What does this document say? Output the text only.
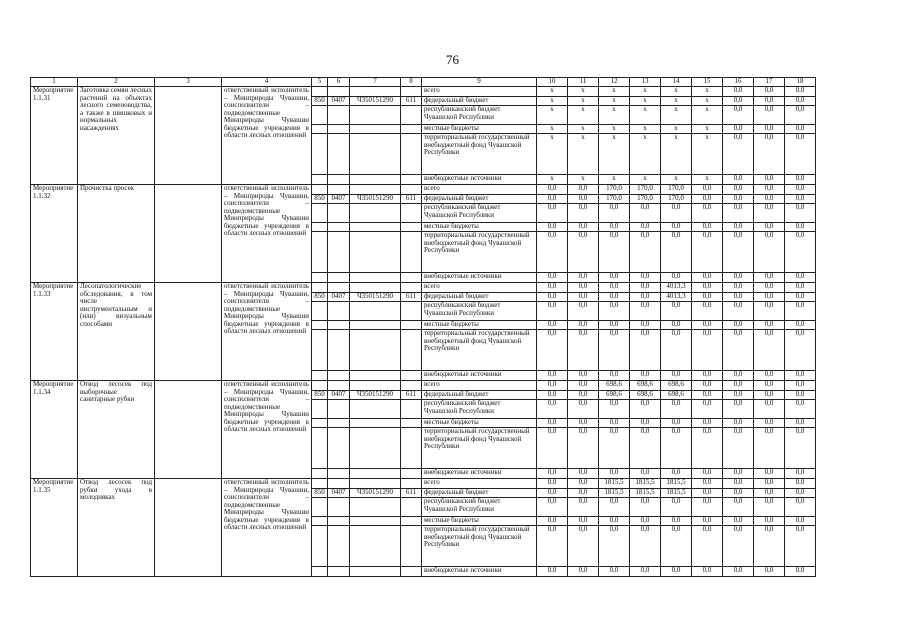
76
1	2	3	4	5	6	7	8	9	10	11	12	13	14	15	16	17	18
Мероприятие 1.1.31	Заготовка семян лесных растений на объектах лесного семеноводства, а также в шишковых и нормальных насаждениях		ответственный исполнитель – Минприроды Чувашии, соисполнители – подведомственные Минприроды Чувашии бюджетные учреждения в области лесных отношений					всего	х	х	х	х	х	х	0,0	0,0	0,0
				850	0407	Ч350151290	611	федеральный бюджет	х	х	х	х	х	х	0,0	0,0	0,0
								республиканский бюджет Чувашской Республики	х	х	х	х	х	х	0,0	0,0	0,0
								местные бюджеты	х	х	х	х	х	х	0,0	0,0	0,0
								территориальный государственный внебюджетный фонд Чувашской Республики	х	х	х	х	х	х	0,0	0,0	0,0
								внебюджетные источники	х	х	х	х	х	х	0,0	0,0	0,0
Мероприятие 1.1.32	Прочистка просек		ответственный исполнитель – Минприроды Чувашии, соисполнители – подведомственные Минприроды Чувашии бюджетные учреждения в области лесных отношений					всего	0,0	0,0	170,0	170,0	170,0	0,0	0,0	0,0	0,0
				850	0407	Ч350151290	611	федеральный бюджет	0,0	0,0	170,0	170,0	170,0	0,0	0,0	0,0	0,0
								республиканский бюджет Чувашской Республики	0,0	0,0	0,0	0,0	0,0	0,0	0,0	0,0	0,0
								местные бюджеты	0,0	0,0	0,0	0,0	0,0	0,0	0,0	0,0	0,0
								территориальный государственный внебюджетный фонд Чувашской Республики	0,0	0,0	0,0	0,0	0,0	0,0	0,0	0,0	0,0
								внебюджетные источники	0,0	0,0	0,0	0,0	0,0	0,0	0,0	0,0	0,0
Мероприятие 1.1.33	Лесопатологические обследования, в том числе инструментальным и (или) визуальным способами		ответственный исполнитель – Минприроды Чувашии, соисполнители – подведомственные Минприроды Чувашии бюджетные учреждения в области лесных отношений					всего	0,0	0,0	0,0	0,0	4013,3	0,0	0,0	0,0	0,0
				850	0407	Ч350151290	611	федеральный бюджет	0,0	0,0	0,0	0,0	4013,3	0,0	0,0	0,0	0,0
								республиканский бюджет Чувашской Республики	0,0	0,0	0,0	0,0	0,0	0,0	0,0	0,0	0,0
								местные бюджеты	0,0	0,0	0,0	0,0	0,0	0,0	0,0	0,0	0,0
								территориальный государственный внебюджетный фонд Чувашской Республики	0,0	0,0	0,0	0,0	0,0	0,0	0,0	0,0	0,0
								внебюджетные источники	0,0	0,0	0,0	0,0	0,0	0,0	0,0	0,0	0,0
Мероприятие 1.1.34	Отвод лесосек под выборочные санитарные рубки		ответственный исполнитель – Минприроды Чувашии, соисполнители – подведомственные Минприроды Чувашии бюджетные учреждения в области лесных отношений					всего	0,0	0,0	698,6	698,6	698,6	0,0	0,0	0,0	0,0
				850	0407	Ч350151290	611	федеральный бюджет	0,0	0,0	698,6	698,6	698,6	0,0	0,0	0,0	0,0
								республиканский бюджет Чувашской Республики	0,0	0,0	0,0	0,0	0,0	0,0	0,0	0,0	0,0
								местные бюджеты	0,0	0,0	0,0	0,0	0,0	0,0	0,0	0,0	0,0
								территориальный государственный внебюджетный фонд Чувашской Республики	0,0	0,0	0,0	0,0	0,0	0,0	0,0	0,0	0,0
								внебюджетные источники	0,0	0,0	0,0	0,0	0,0	0,0	0,0	0,0	0,0
Мероприятие 1.1.35	Отвод лесосек под рубки ухода в молодняках		ответственный исполнитель – Минприроды Чувашии, соисполнители – подведомственные Минприроды Чувашии бюджетные учреждения в области лесных отношений					всего	0,0	0,0	1815,5	1815,5	1815,5	0,0	0,0	0,0	0,0
				850	0407	Ч350151290	611	федеральный бюджет	0,0	0,0	1815,5	1815,5	1815,5	0,0	0,0	0,0	0,0
								республиканский бюджет Чувашской Республики	0,0	0,0	0,0	0,0	0,0	0,0	0,0	0,0	0,0
								местные бюджеты	0,0	0,0	0,0	0,0	0,0	0,0	0,0	0,0	0,0
								территориальный государственный внебюджетный фонд Чувашской Республики	0,0	0,0	0,0	0,0	0,0	0,0	0,0	0,0	0,0
								внебюджетные источники	0,0	0,0	0,0	0,0	0,0	0,0	0,0	0,0	0,0
